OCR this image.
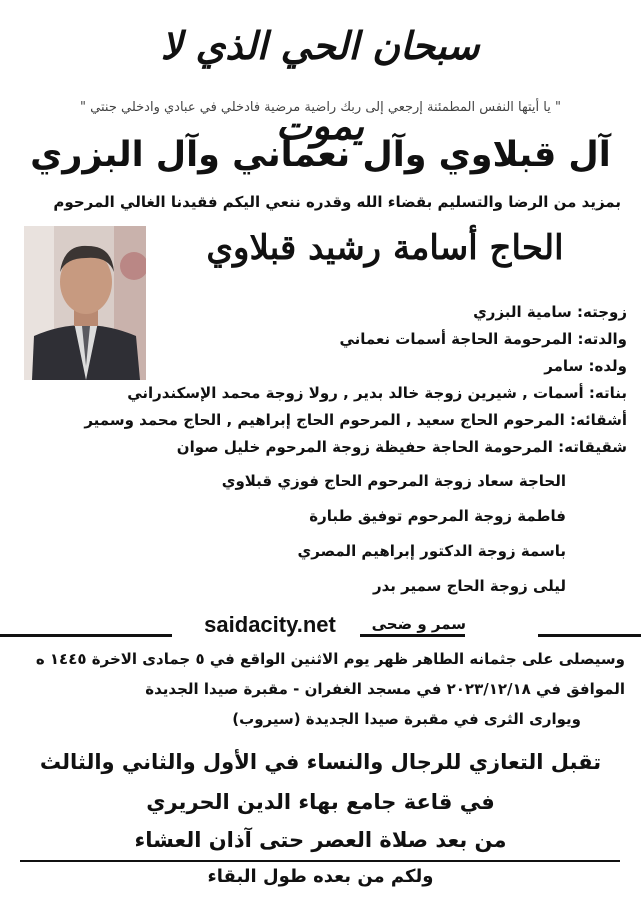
سبحان الحي الذي لا يموت
" يا أيتها النفس المطمئنة إرجعي إلى ربك راضية مرضية فادخلي في عبادي وادخلي جنتي "
آل قبلاوي وآل نعماني وآل البزري
بمزيد من الرضا والتسليم بقضاء الله وقدره ننعي اليكم فقيدنا الغالي المرحوم
الحاج أسامة رشيد قبلاوي
زوجته: سامية البزري
والدته: المرحومة الحاجة أسمات نعماني
ولده: سامر
بناته: أسمات , شيرين زوجة خالد بدير , رولا زوجة محمد الإسكندراني
أشقائه: المرحوم الحاج سعيد , المرحوم الحاج إبراهيم , الحاج محمد وسمير
شقيقاته: المرحومة الحاجة حفيظة زوجة المرحوم خليل صوان
الحاجة سعاد زوجة المرحوم الحاج فوزي قبلاوي
فاطمة زوجة المرحوم توفيق طبارة
باسمة زوجة الدكتور إبراهيم المصري
ليلى زوجة الحاج سمير بدر
saidacity.net	سمر و ضحى
وسيصلى على جثمانه الطاهر ظهر يوم الاثنين الواقع في ٥ جمادى الاخرة ١٤٤٥ ه
الموافق في ٢٠٢٣/١٢/١٨ في مسجد الغفران - مقبرة صيدا الجديدة
ويوارى الثرى في مقبرة صيدا الجديدة (سيروب)
تقبل التعازي للرجال والنساء في الأول والثاني والثالث
في قاعة جامع بهاء الدين الحريري
من بعد صلاة العصر حتى آذان العشاء
ولكم من بعده طول البقاء
